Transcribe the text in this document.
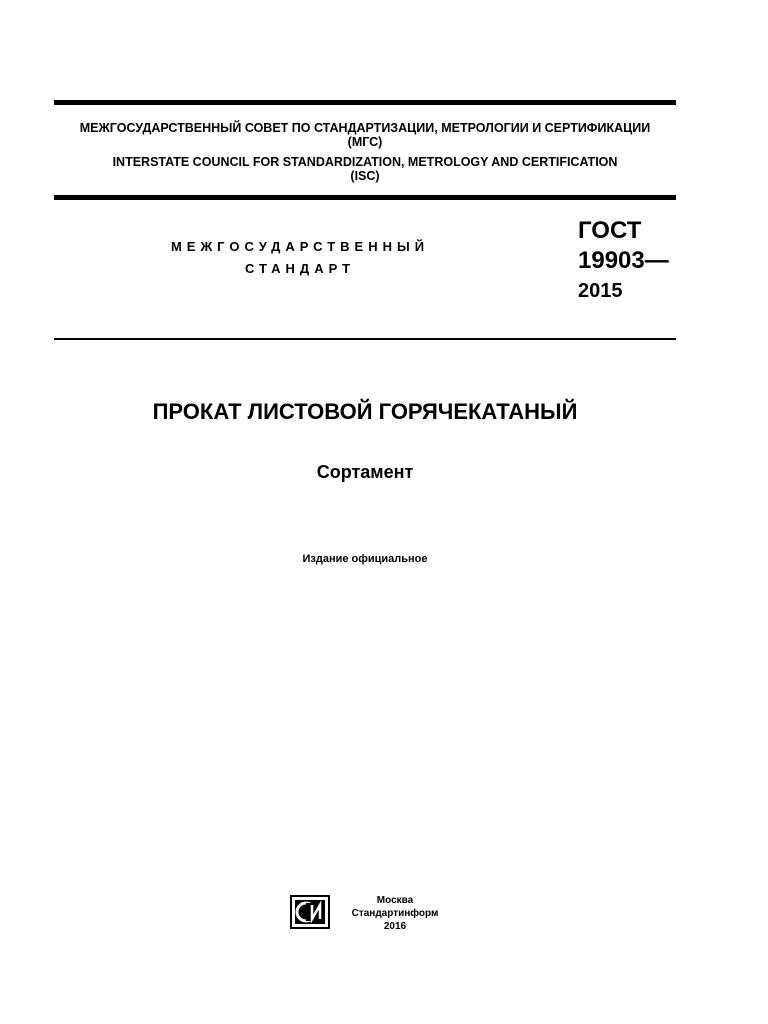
МЕЖГОСУДАРСТВЕННЫЙ СОВЕТ ПО СТАНДАРТИЗАЦИИ, МЕТРОЛОГИИ И СЕРТИФИКАЦИИ
(МГС)
INTERSTATE COUNCIL FOR STANDARDIZATION, METROLOGY AND CERTIFICATION
(ISC)
МЕЖГОСУДАРСТВЕННЫЙ
СТАНДАРТ
ГОСТ
19903—
2015
ПРОКАТ ЛИСТОВОЙ ГОРЯЧЕКАТАНЫЙ
Сортамент
Издание официальное
Москва
Стандартинформ
2016
